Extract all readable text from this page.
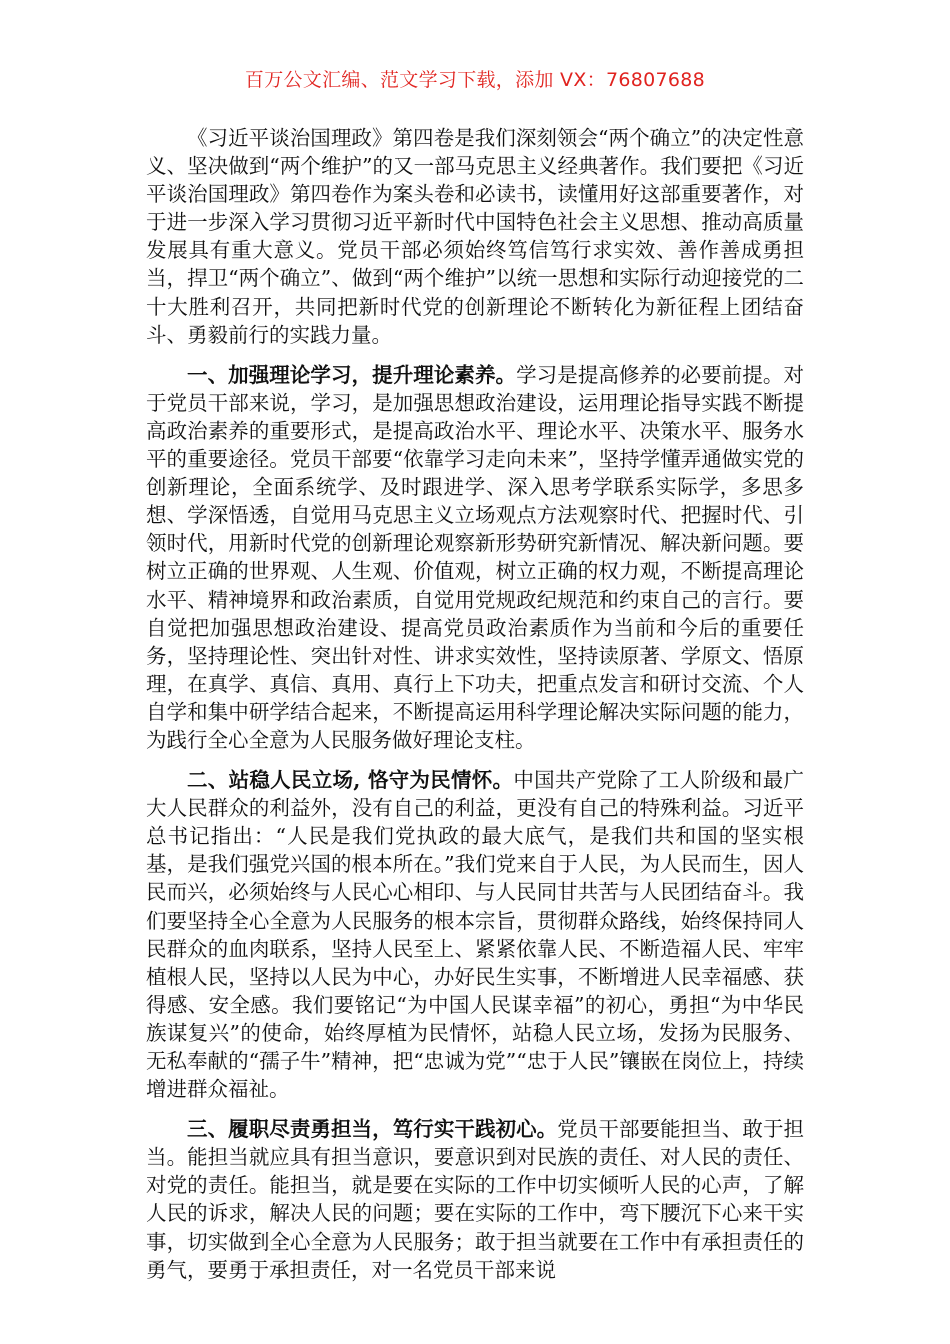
百万公文汇编、范文学习下载，添加 VX：76807688

《习近平谈治国理政》第四卷是我们深刻领会“两个确立”的决定性意义、坚决做到“两个维护”的又一部马克思主义经典著作。我们要把《习近平谈治国理政》第四卷作为案头卷和必读书，读懂用好这部重要著作，对于进一步深入学习贯彻习近平新时代中国特色社会主义思想、推动高质量发展具有重大意义。党员干部必须始终笃信笃行求实效、善作善成勇担当，捍卫“两个确立”、做到“两个维护”以统一思想和实际行动迎接党的二十大胜利召开，共同把新时代党的创新理论不断转化为新征程上团结奋斗、勇毅前行的实践力量。

一、加强理论学习，提升理论素养。学习是提高修养的必要前提。对于党员干部来说，学习，是加强思想政治建设，运用理论指导实践不断提高政治素养的重要形式，是提高政治水平、理论水平、决策水平、服务水平的重要途径。党员干部要“依靠学习走向未来”，坚持学懂弄通做实党的创新理论，全面系统学、及时跟进学、深入思考学联系实际学，多思多想、学深悟透，自觉用马克思主义立场观点方法观察时代、把握时代、引领时代，用新时代党的创新理论观察新形势研究新情况、解决新问题。要树立正确的世界观、人生观、价值观，树立正确的权力观，不断提高理论水平、精神境界和政治素质，自觉用党规政纪规范和约束自己的言行。要自觉把加强思想政治建设、提高党员政治素质作为当前和今后的重要任务，坚持理论性、突出针对性、讲求实效性，坚持读原著、学原文、悟原理，在真学、真信、真用、真行上下功夫，把重点发言和研讨交流、个人自学和集中研学结合起来，不断提高运用科学理论解决实际问题的能力，为践行全心全意为人民服务做好理论支柱。

二、站稳人民立场, 恪守为民情怀。中国共产党除了工人阶级和最广大人民群众的利益外，没有自己的利益，更没有自己的特殊利益。习近平总书记指出：“人民是我们党执政的最大底气，是我们共和国的坚实根基，是我们强党兴国的根本所在。”我们党来自于人民，为人民而生，因人民而兴，必须始终与人民心心相印、与人民同甘共苦与人民团结奋斗。我们要坚持全心全意为人民服务的根本宗旨，贯彻群众路线，始终保持同人民群众的血肉联系，坚持人民至上、紧紧依靠人民、不断造福人民、牢牢植根人民，坚持以人民为中心，办好民生实事，不断增进人民幸福感、获得感、安全感。我们要铭记“为中国人民谋幸福”的初心，勇担“为中华民族谋复兴”的使命，始终厚植为民情怀，站稳人民立场，发扬为民服务、无私奉献的“孺子牛”精神，把“忠诚为党”“忠于人民”镶嵌在岗位上，持续增进群众福祉。

三、履职尽责勇担当，笃行实干践初心。党员干部要能担当、敢于担当。能担当就应具有担当意识，要意识到对民族的责任、对人民的责任、对党的责任。能担当，就是要在实际的工作中切实倾听人民的心声，了解人民的诉求，解决人民的问题；要在实际的工作中，弯下腰沉下心来干实事，切实做到全心全意为人民服务；敢于担当就要在工作中有承担责任的勇气，要勇于承担责任，对一名党员干部来说
